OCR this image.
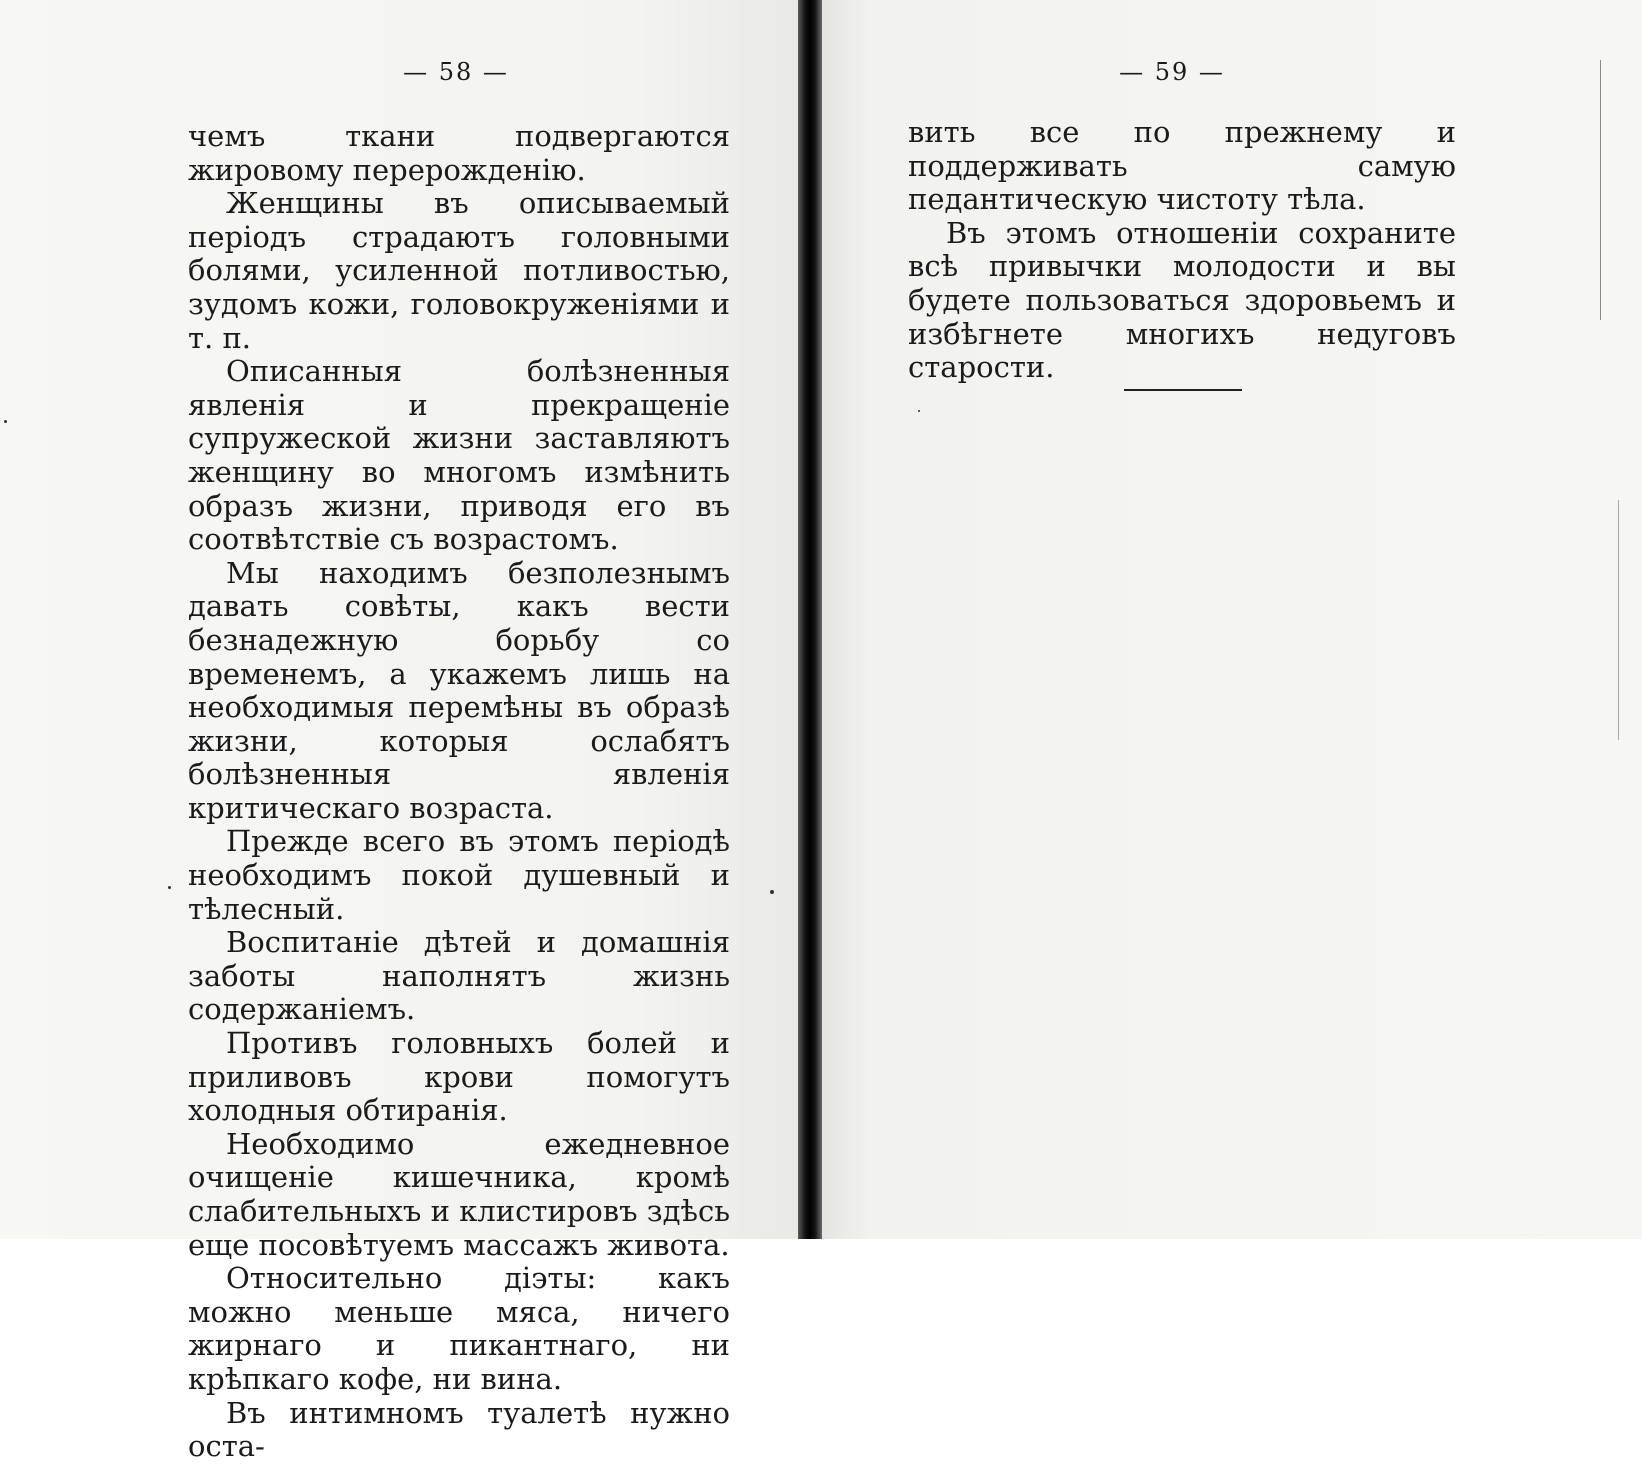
— 58 —

чемъ ткани подвергаются жировому перерожденію.

Женщины въ описываемый періодъ страдаютъ головными болями, усиленной потливостью, зудомъ кожи, головокруженіями и т. п.

Описанныя болѣзненныя явленія и прекращеніе супружеской жизни заставляютъ женщину во многомъ измѣнить образъ жизни, приводя его въ соотвѣтствіе съ возрастомъ.

Мы находимъ безполезнымъ давать совѣты, какъ вести безнадежную борьбу со временемъ, а укажемъ лишь на необходимыя перемѣны въ образѣ жизни, которыя ослабятъ болѣзненныя явленія критическаго возраста.

Прежде всего въ этомъ періодѣ необходимъ покой душевный и тѣлесный.

Воспитаніе дѣтей и домашнія заботы наполнятъ жизнь содержаніемъ.

Противъ головныхъ болей и приливовъ крови помогутъ холодныя обтиранія.

Необходимо ежедневное очищеніе кишечника, кромѣ слабительныхъ и клистировъ здѣсь еще посовѣтуемъ массажъ живота.

Относительно діэты: какъ можно меньше мяса, ничего жирнаго и пикантнаго, ни крѣпкаго кофе, ни вина.

Въ интимномъ туалетѣ нужно оста-

— 59 —

вить все по прежнему и поддерживать самую педантическую чистоту тѣла.

Въ этомъ отношеніи сохраните всѣ привычки молодости и вы будете пользоваться здоровьемъ и избѣгнете многихъ недуговъ старости.
